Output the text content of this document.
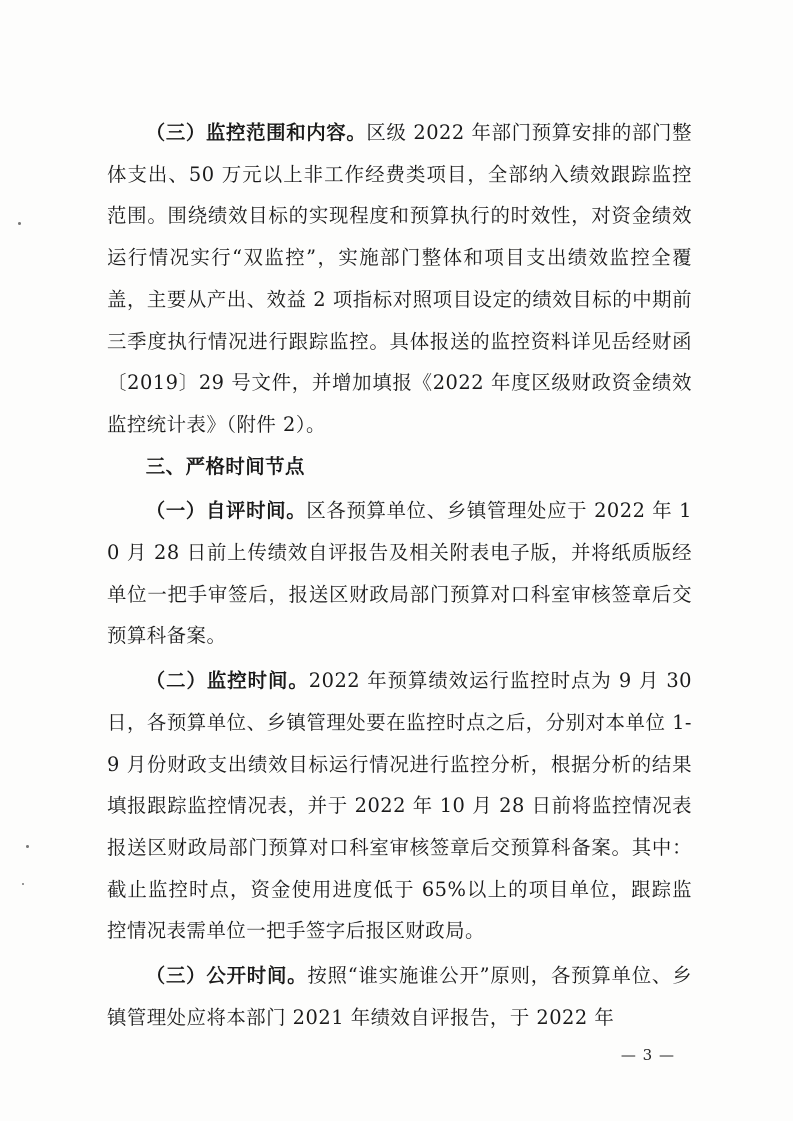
（三）监控范围和内容。区级 2022 年部门预算安排的部门整体支出、50 万元以上非工作经费类项目，全部纳入绩效跟踪监控范围。围绕绩效目标的实现程度和预算执行的时效性，对资金绩效运行情况实行“双监控”，实施部门整体和项目支出绩效监控全覆盖，主要从产出、效益 2 项指标对照项目设定的绩效目标的中期前三季度执行情况进行跟踪监控。具体报送的监控资料详见岳经财函〔2019〕29 号文件，并增加填报《2022 年度区级财政资金绩效监控统计表》（附件 2）。

三、严格时间节点

（一）自评时间。区各预算单位、乡镇管理处应于 2022 年 10 月 28 日前上传绩效自评报告及相关附表电子版，并将纸质版经单位一把手审签后，报送区财政局部门预算对口科室审核签章后交预算科备案。

（二）监控时间。2022 年预算绩效运行监控时点为 9 月 30 日，各预算单位、乡镇管理处要在监控时点之后，分别对本单位 1-9 月份财政支出绩效目标运行情况进行监控分析，根据分析的结果填报跟踪监控情况表，并于 2022 年 10 月 28 日前将监控情况表报送区财政局部门预算对口科室审核签章后交预算科备案。其中：截止监控时点，资金使用进度低于 65%以上的项目单位，跟踪监控情况表需单位一把手签字后报区财政局。

（三）公开时间。按照“谁实施谁公开”原则，各预算单位、乡镇管理处应将本部门 2021 年绩效自评报告，于 2022 年

— 3 —
